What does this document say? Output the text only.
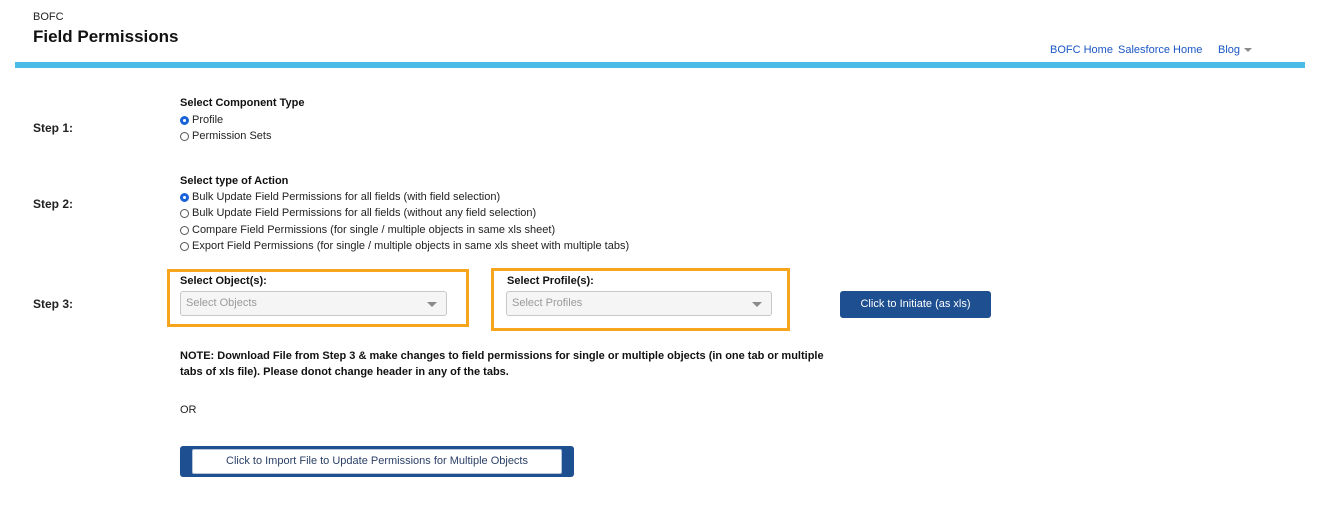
BOFC
Field Permissions
BOFC Home Salesforce Home Blog
Step 1:
Select Component Type
Profile
Permission Sets
Step 2:
Select type of Action
Bulk Update Field Permissions for all fields (with field selection)
Bulk Update Field Permissions for all fields (without any field selection)
Compare Field Permissions (for single / multiple objects in same xls sheet)
Export Field Permissions (for single / multiple objects in same xls sheet with multiple tabs)
Step 3:
Select Object(s):
Select Objects
Select Profile(s):
Select Profiles	Click to Initiate (as xls)
NOTE: Download File from Step 3 & make changes to field permissions for single or multiple objects (in one tab or multiple tabs of xls file). Please donot change header in any of the tabs.
OR
Click to Import File to Update Permissions for Multiple Objects
